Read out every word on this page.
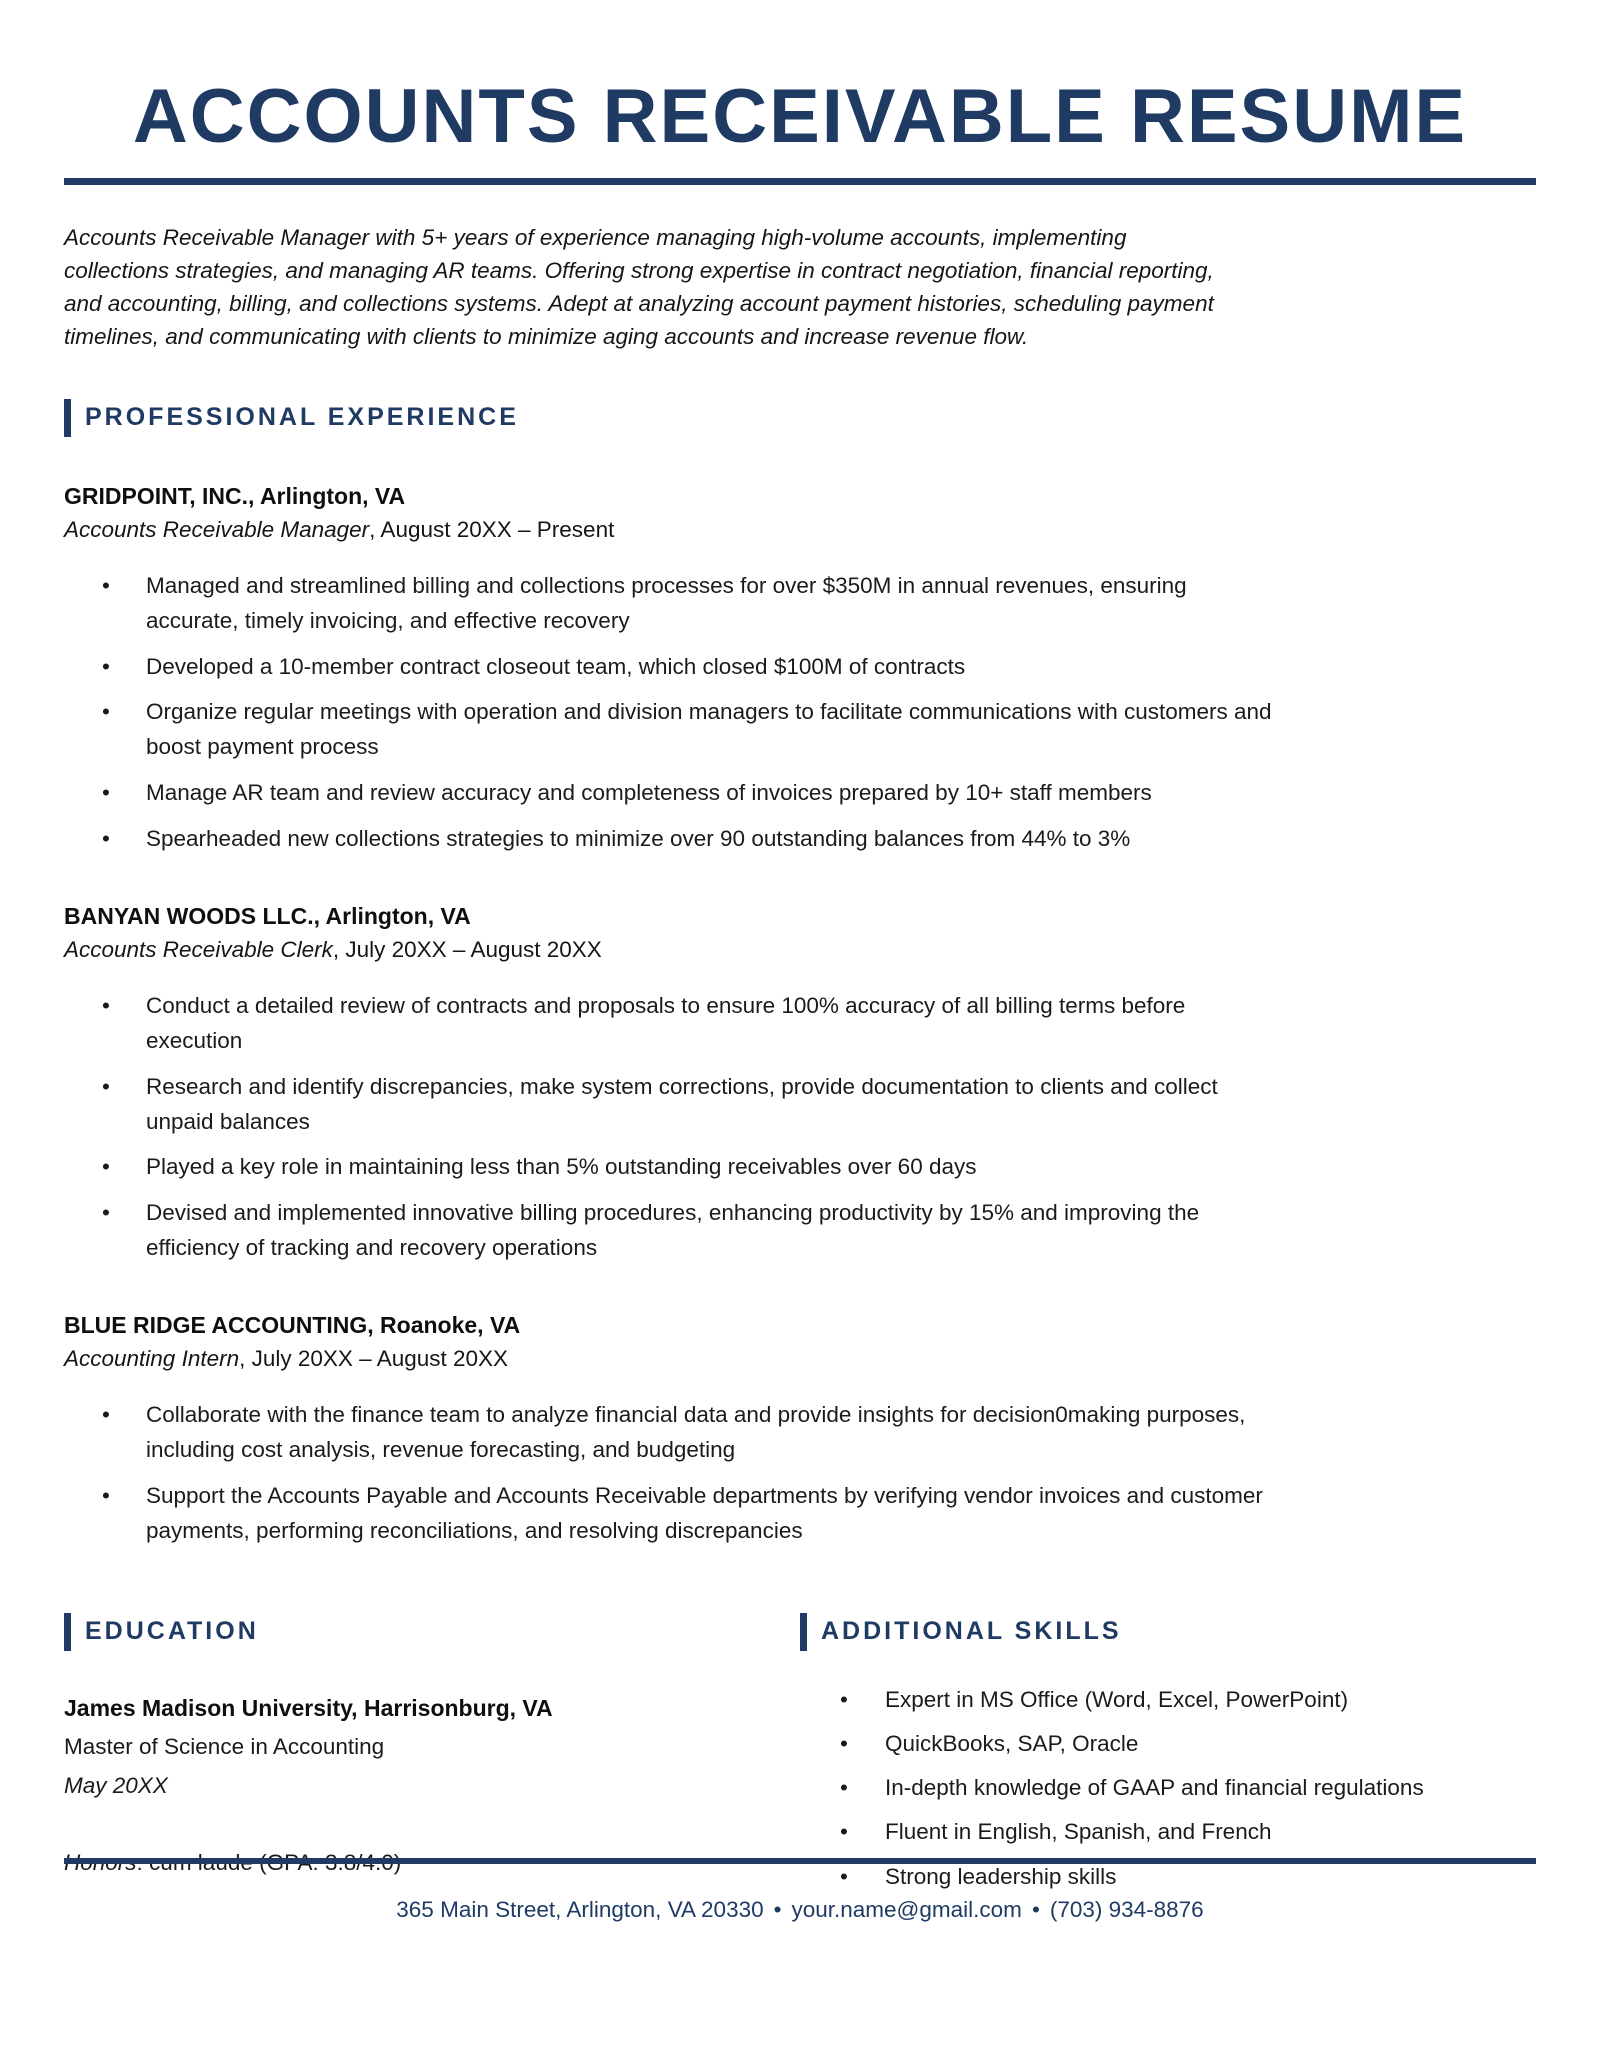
ACCOUNTS RECEIVABLE RESUME

Accounts Receivable Manager with 5+ years of experience managing high-volume accounts, implementing collections strategies, and managing AR teams. Offering strong expertise in contract negotiation, financial reporting, and accounting, billing, and collections systems. Adept at analyzing account payment histories, scheduling payment timelines, and communicating with clients to minimize aging accounts and increase revenue flow.

PROFESSIONAL EXPERIENCE
GRIDPOINT, INC., Arlington, VA
Accounts Receivable Manager, August 20XX – Present
• Managed and streamlined billing and collections processes for over $350M in annual revenues, ensuring accurate, timely invoicing, and effective recovery
• Developed a 10-member contract closeout team, which closed $100M of contracts
• Organize regular meetings with operation and division managers to facilitate communications with customers and boost payment process
• Manage AR team and review accuracy and completeness of invoices prepared by 10+ staff members
• Spearheaded new collections strategies to minimize over 90 outstanding balances from 44% to 3%
BANYAN WOODS LLC., Arlington, VA
Accounts Receivable Clerk, July 20XX – August 20XX
• Conduct a detailed review of contracts and proposals to ensure 100% accuracy of all billing terms before execution
• Research and identify discrepancies, make system corrections, provide documentation to clients and collect unpaid balances
• Played a key role in maintaining less than 5% outstanding receivables over 60 days
• Devised and implemented innovative billing procedures, enhancing productivity by 15% and improving the efficiency of tracking and recovery operations
BLUE RIDGE ACCOUNTING, Roanoke, VA
Accounting Intern, July 20XX – August 20XX
• Collaborate with the finance team to analyze financial data and provide insights for decision0making purposes, including cost analysis, revenue forecasting, and budgeting
• Support the Accounts Payable and Accounts Receivable departments by verifying vendor invoices and customer payments, performing reconciliations, and resolving discrepancies
EDUCATION
James Madison University, Harrisonburg, VA
Master of Science in Accounting
May 20XX
ADDITIONAL SKILLS
• Expert in MS Office (Word, Excel, PowerPoint)
• QuickBooks, SAP, Oracle
• In-depth knowledge of GAAP and financial regulations
• Fluent in English, Spanish, and French
• Strong leadership skills
365 Main Street, Arlington, VA 20330 • your.name@gmail.com • (703) 934-8876
